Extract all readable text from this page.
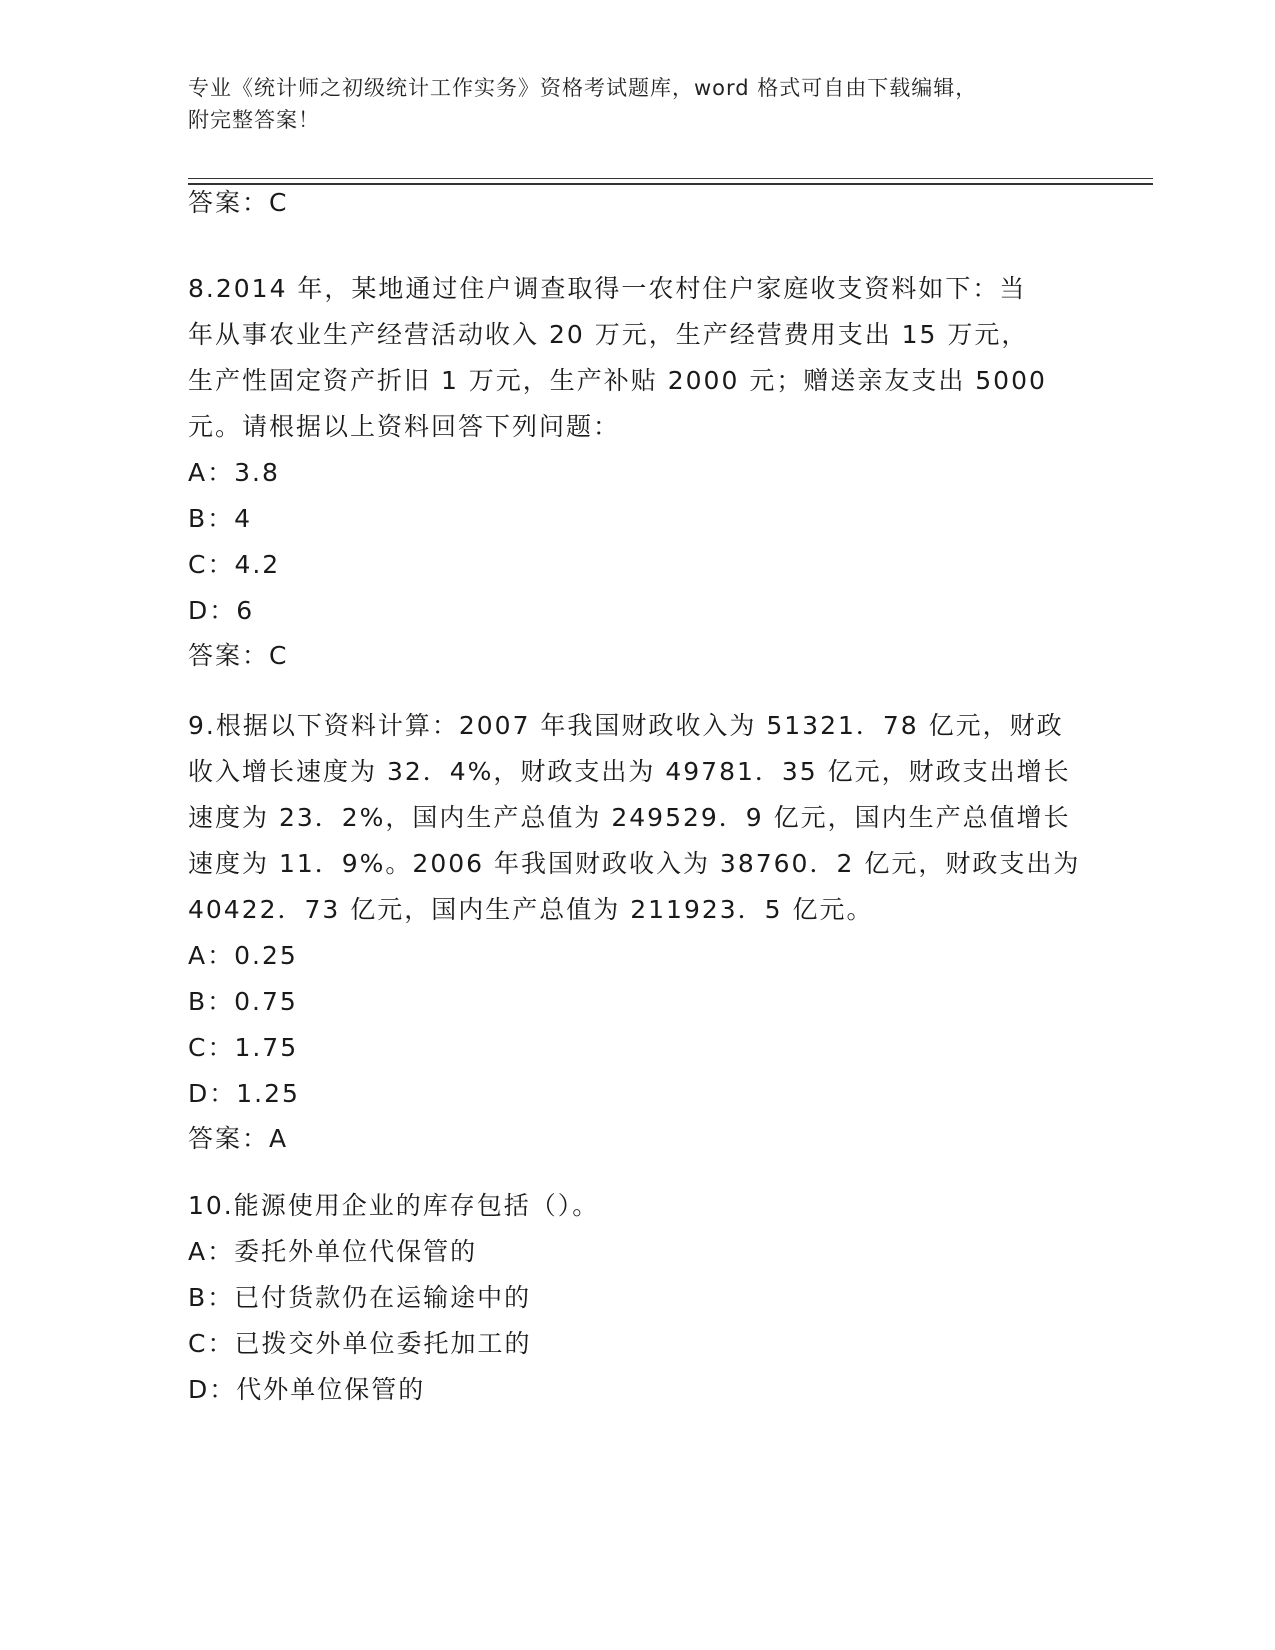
专业《统计师之初级统计工作实务》资格考试题库，word 格式可自由下载编辑，
附完整答案！
答案：C
8.2014 年，某地通过住户调查取得一农村住户家庭收支资料如下：当
年从事农业生产经营活动收入 20 万元，生产经营费用支出 15 万元，
生产性固定资产折旧 1 万元，生产补贴 2000 元；赠送亲友支出 5000
元。请根据以上资料回答下列问题：
A：3.8
B：4
C：4.2
D：6
答案：C
9.根据以下资料计算：2007 年我国财政收入为 51321．78 亿元，财政
收入增长速度为 32．4%，财政支出为 49781．35 亿元，财政支出增长
速度为 23．2%，国内生产总值为 249529．9 亿元，国内生产总值增长
速度为 11．9%。2006 年我国财政收入为 38760．2 亿元，财政支出为
40422．73 亿元，国内生产总值为 211923．5 亿元。
A：0.25
B：0.75
C：1.75
D：1.25
答案：A
10.能源使用企业的库存包括（）。
A：委托外单位代保管的
B：已付货款仍在运输途中的
C：已拨交外单位委托加工的
D：代外单位保管的
